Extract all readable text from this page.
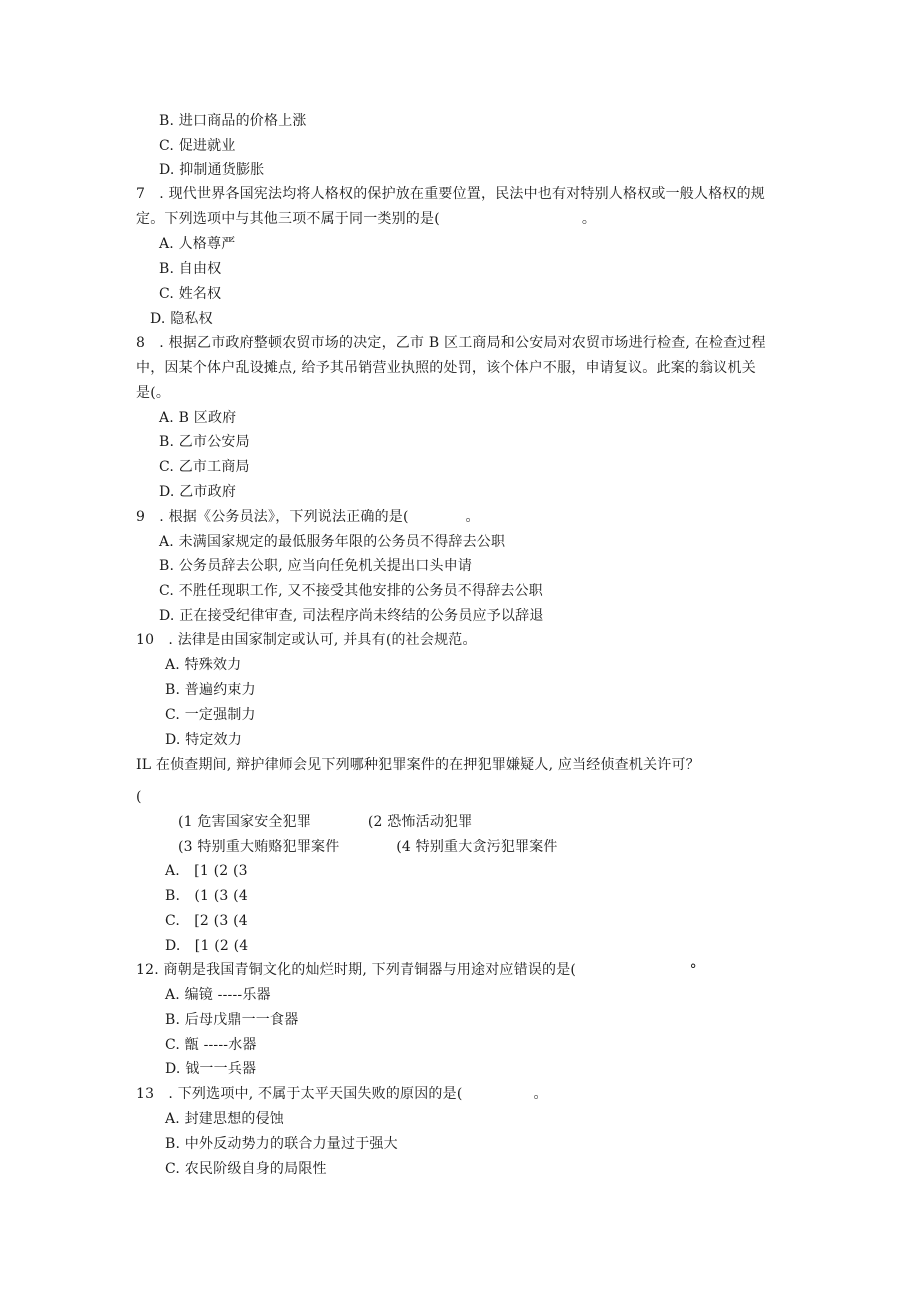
B. 进口商品的价格上涨
C. 促进就业
D. 抑制通货膨胀
7　. 现代世界各国宪法均将人格权的保护放在重要位置，民法中也有对特别人格权或一般人格权的规
定。下列选项中与其他三项不属于同一类别的是(　　　　　　　　　　。
A. 人格尊严
B. 自由权
C. 姓名权
D. 隐私权
8　. 根据乙市政府整顿农贸市场的决定，乙市 B 区工商局和公安局对农贸市场进行检查, 在检查过程
中，因某个体户乱设摊点, 给予其吊销营业执照的处罚，该个体户不服，申请复议。此案的翁议机关
是(。
A. B 区政府
B. 乙市公安局
C. 乙市工商局
D. 乙市政府
9　. 根据《公务员法》，下列说法正确的是(　　　　。
A. 未满国家规定的最低服务年限的公务员不得辞去公职
B. 公务员辞去公职, 应当向任免机关提出口头申请
C. 不胜任现职工作, 又不接受其他安排的公务员不得辞去公职
D. 正在接受纪律审查, 司法程序尚未终结的公务员应予以辞退
10　. 法律是由国家制定或认可, 并具有(的社会规范。
A. 特殊效力
B. 普遍约束力
C. 一定强制力
D. 特定效力
IL 在侦查期间, 辩护律师会见下列哪种犯罪案件的在押犯罪嫌疑人, 应当经侦查机关许可？
(
(1 危害国家安全犯罪　　　　(2 恐怖活动犯罪
(3 特别重大贿赂犯罪案件　　　　(4 特别重大贪污犯罪案件
A.　[1 (2 (3
B.　(1 (3 (4
C.　[2 (3 (4
D.　[1 (2 (4
12. 商朝是我国青铜文化的灿烂时期, 下列青铜器与用途对应错误的是(　　　　　　　　°
A. 编镜 -----乐器
B. 后母戊鼎一一食器
C. 甑 -----水器
D. 钺一一兵器
13　. 下列选项中, 不属于太平天国失败的原因的是(　　　　　。
A. 封建思想的侵蚀
B. 中外反动势力的联合力量过于强大
C. 农民阶级自身的局限性
